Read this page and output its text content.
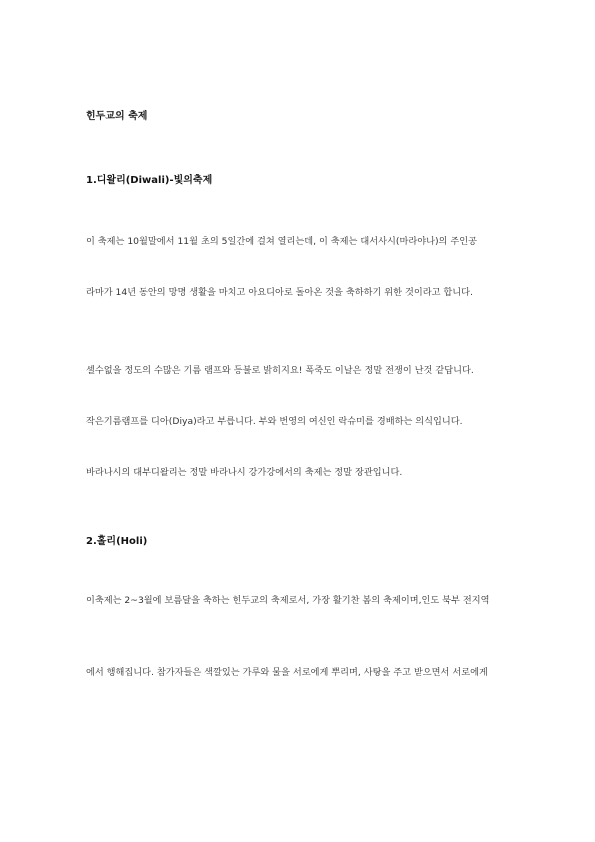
힌두교의 축제
1.디왈리(Diwali)-빛의축제
이 축제는 10월말에서 11월 초의 5일간에 걸쳐 열리는데, 이 축제는 대서사시(마라야나)의 주인공
라마가 14년 동안의 망명 생활을 마치고 아요디아로 돌아온 것을 축하하기 위한 것이라고 합니다.
셀수없을 정도의 수많은 기름 램프와 등불로 밝히지요! 폭죽도 이날은 정말 전쟁이 난것 같답니다.
작은기름램프를 디아(Diya)라고 부릅니다. 부와 번영의 여신인 락슈미를 경배하는 의식입니다.
바라나시의 대부디왈리는 정말 바라나시 강가강에서의 축제는 정말 장관입니다.
2.홀리(Holi)
이축제는 2~3월에 보름달을 축하는 힌두교의 축제로서, 가장 활기찬 봄의 축제이며,인도 북부 전지역
에서 행해집니다. 참가자들은 색깔있는 가루와 물을 서로에게 뿌리며, 사탕을 주고 받으면서 서로에게
